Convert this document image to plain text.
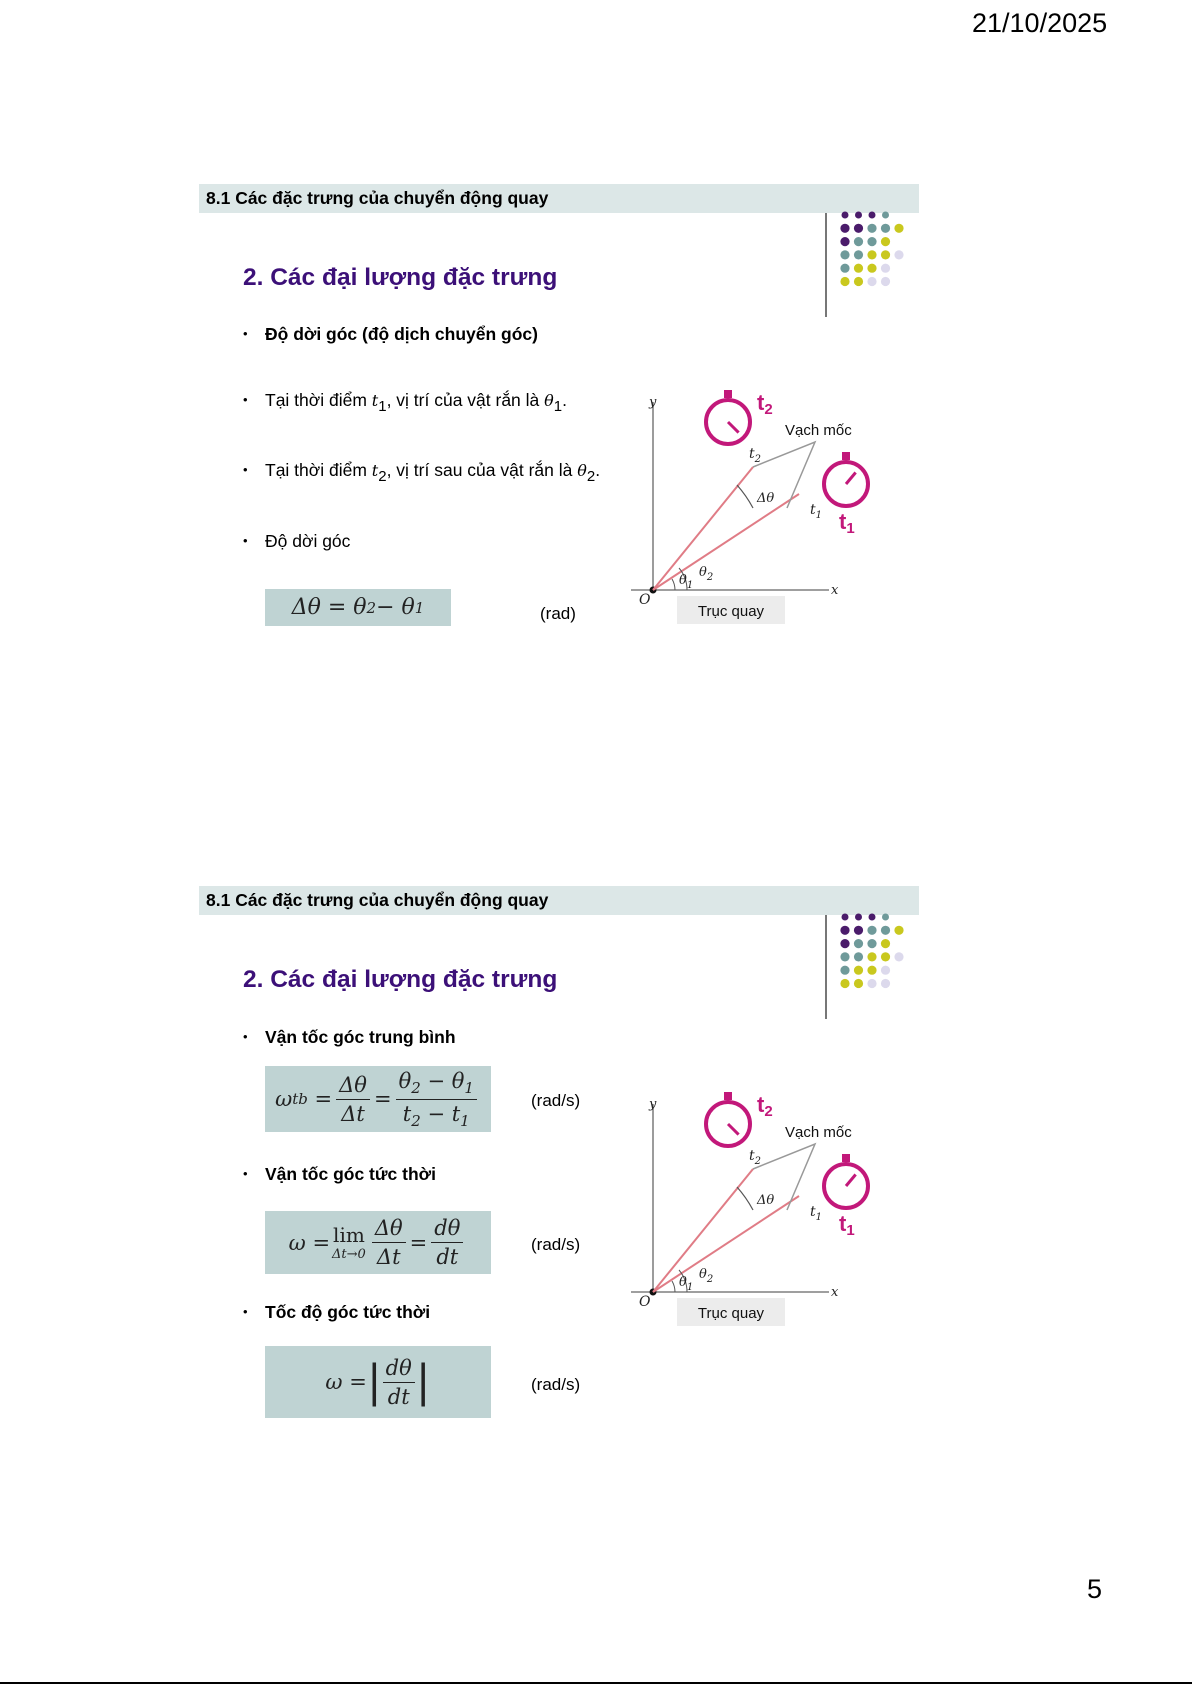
21/10/2025
8.1 Các đặc trưng của chuyển động quay
2. Các đại lượng đặc trưng
• Độ dời góc (độ dịch chuyển góc)
• Tại thời điểm $t_1$, vị trí của vật rắn là $\theta_1$.
• Tại thời điểm $t_2$, vị trí sau của vật rắn là $\theta_2$.
• Độ dời góc
Δθ = θ 2 − θ 1	(rad)
y
x
O
$t_2$
$t_1$
Δθ
$\theta_1$
$\theta_2$
Vạch mốc
Trục quay
t2
t1
8.1 Các đặc trưng của chuyển động quay
2. Các đại lượng đặc trưng
• Vận tốc góc trung bình
ω tb = $\frac{\Delta\theta}{\Delta t} = \frac{\theta_2 - \theta_1}{t_2 - t_1}$	(rad/s)
• Vận tốc góc tức thời
ω = lim
$\Delta t\to 0 \frac{\Delta\theta}{\Delta t} = \frac{d\theta}{dt}$	(rad/s)
• Tốc độ góc tức thời
ω = | $\frac{d\theta}{dt}$ |	(rad/s)
y
x
O
$t_2$
$t_1$
Δθ
$\theta_1$
$\theta_2$
Vạch mốc
Trục quay
t2
t1
5
